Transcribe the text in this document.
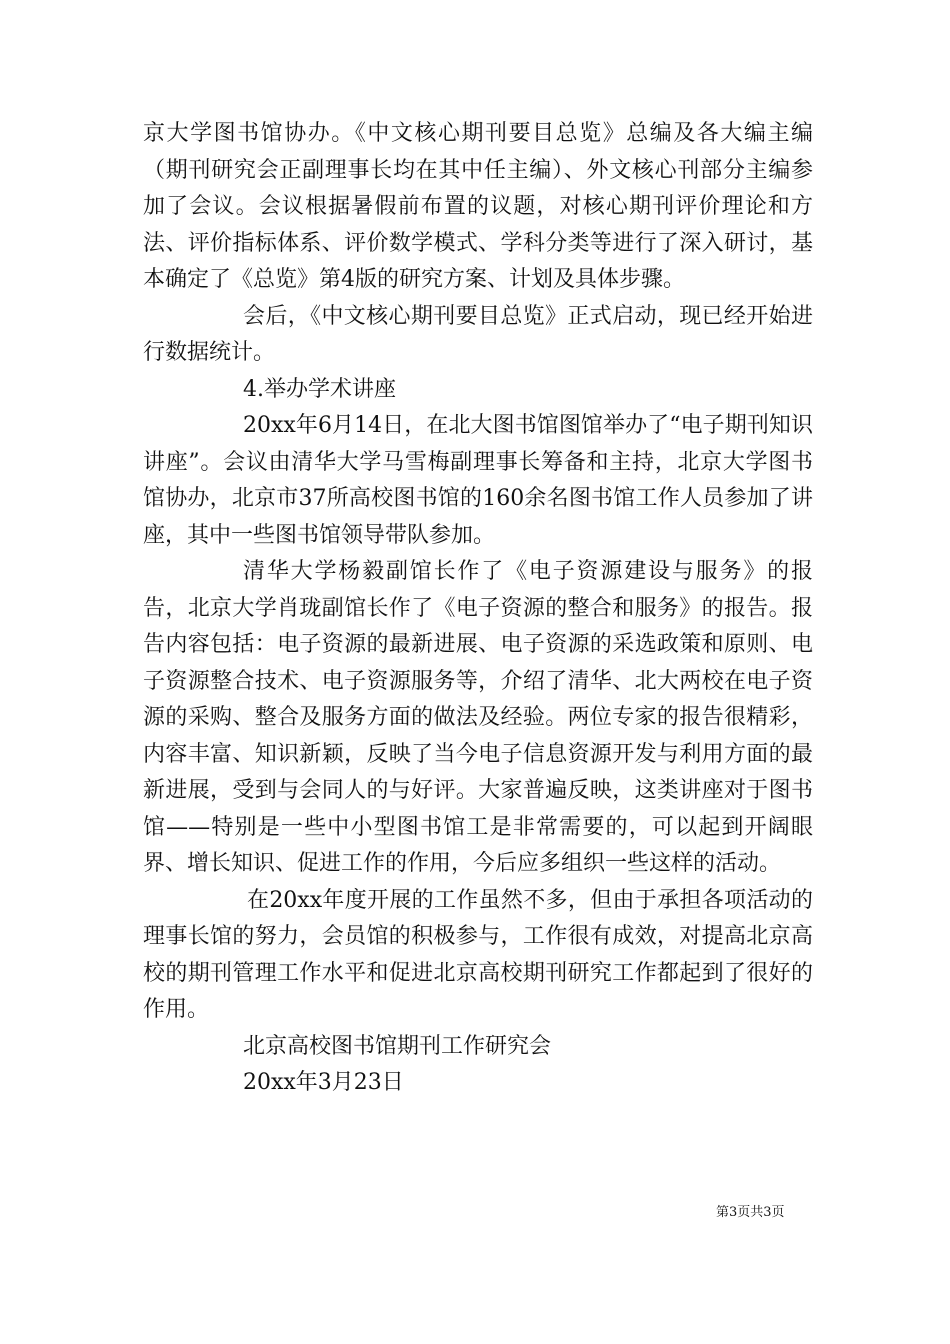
京大学图书馆协办。《中文核心期刊要目总览》总编及各大编主编（期刊研究会正副理事长均在其中任主编）、外文核心刊部分主编参加了会议。会议根据暑假前布置的议题，对核心期刊评价理论和方法、评价指标体系、评价数学模式、学科分类等进行了深入研讨，基本确定了《总览》第4版的研究方案、计划及具体步骤。

会后，《中文核心期刊要目总览》正式启动，现已经开始进行数据统计。

4.举办学术讲座

20xx年6月14日，在北大图书馆图馆举办了“电子期刊知识讲座”。会议由清华大学马雪梅副理事长筹备和主持，北京大学图书馆协办，北京市37所高校图书馆的160余名图书馆工作人员参加了讲座，其中一些图书馆领导带队参加。

清华大学杨毅副馆长作了《电子资源建设与服务》的报告，北京大学肖珑副馆长作了《电子资源的整合和服务》的报告。报告内容包括：电子资源的最新进展、电子资源的采选政策和原则、电子资源整合技术、电子资源服务等，介绍了清华、北大两校在电子资源的采购、整合及服务方面的做法及经验。两位专家的报告很精彩，内容丰富、知识新颖，反映了当今电子信息资源开发与利用方面的最新进展，受到与会同人的与好评。大家普遍反映，这类讲座对于图书馆——特别是一些中小型图书馆工是非常需要的，可以起到开阔眼界、增长知识、促进工作的作用，今后应多组织一些这样的活动。

在20xx年度开展的工作虽然不多，但由于承担各项活动的理事长馆的努力，会员馆的积极参与，工作很有成效，对提高北京高校的期刊管理工作水平和促进北京高校期刊研究工作都起到了很好的作用。

北京高校图书馆期刊工作研究会

20xx年3月23日

第3页共3页
